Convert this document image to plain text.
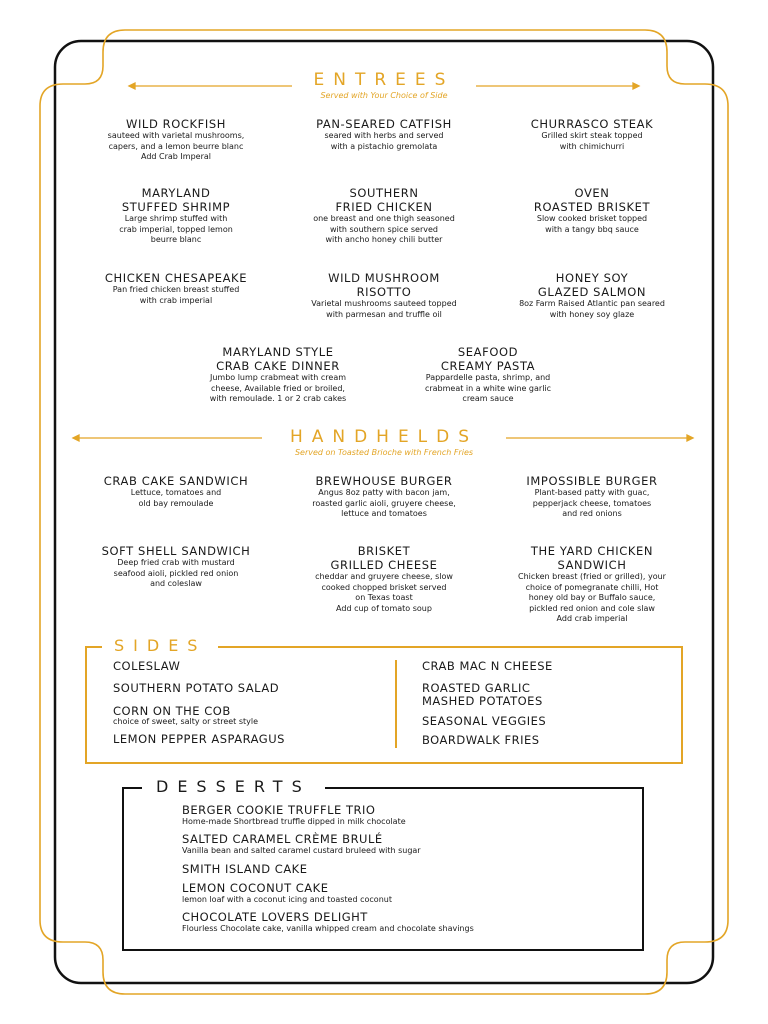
ENTREES
Served with Your Choice of Side
WILD ROCKFISH
sauteed with varietal mushrooms,
capers, and a lemon beurre blanc
Add Crab Imperal
PAN-SEARED CATFISH
seared with herbs and served
with a pistachio gremolata
CHURRASCO STEAK
Grilled skirt steak topped
with chimichurri
MARYLAND
STUFFED SHRIMP
Large shrimp stuffed with
crab imperial, topped lemon
beurre blanc
SOUTHERN
FRIED CHICKEN
one breast and one thigh seasoned
with southern spice served
with ancho honey chili butter
OVEN
ROASTED BRISKET
Slow cooked brisket topped
with a tangy bbq sauce
CHICKEN CHESAPEAKE
Pan fried chicken breast stuffed
with crab imperial
WILD MUSHROOM
RISOTTO
Varietal mushrooms sauteed topped
with parmesan and truffle oil
HONEY SOY
GLAZED SALMON
8oz Farm Raised Atlantic pan seared
with honey soy glaze
MARYLAND STYLE
CRAB CAKE DINNER
Jumbo lump crabmeat with cream
cheese, Available fried or broiled,
with remoulade. 1 or 2 crab cakes
SEAFOOD
CREAMY PASTA
Pappardelle pasta, shrimp, and
crabmeat in a white wine garlic
cream sauce
HANDHELDS
Served on Toasted Brioche with French Fries
CRAB CAKE SANDWICH
Lettuce, tomatoes and
old bay remoulade
BREWHOUSE BURGER
Angus 8oz patty with bacon jam,
roasted garlic aioli, gruyere cheese,
lettuce and tomatoes
IMPOSSIBLE BURGER
Plant-based patty with guac,
pepperjack cheese, tomatoes
and red onions
SOFT SHELL SANDWICH
Deep fried crab with mustard
seafood aioli, pickled red onion
and coleslaw
BRISKET
GRILLED CHEESE
cheddar and gruyere cheese, slow
cooked chopped brisket served
on Texas toast
Add cup of tomato soup
THE YARD CHICKEN
SANDWICH
Chicken breast (fried or grilled), your
choice of pomegranate chilli, Hot
honey old bay or Buffalo sauce,
pickled red onion and cole slaw
Add crab imperial
SIDES
COLESLAW
SOUTHERN POTATO SALAD
CORN ON THE COB
choice of sweet, salty or street style
LEMON PEPPER ASPARAGUS
CRAB MAC N CHEESE
ROASTED GARLIC
MASHED POTATOES
SEASONAL VEGGIES
BOARDWALK FRIES
DESSERTS
BERGER COOKIE TRUFFLE TRIO
Home-made Shortbread truffle dipped in milk chocolate
SALTED CARAMEL CRÈME BRULÉ
Vanilla bean and salted caramel custard bruleed with sugar
SMITH ISLAND CAKE
LEMON COCONUT CAKE
lemon loaf with a coconut icing and toasted coconut
CHOCOLATE LOVERS DELIGHT
Flourless Chocolate cake, vanilla whipped cream and chocolate shavings
